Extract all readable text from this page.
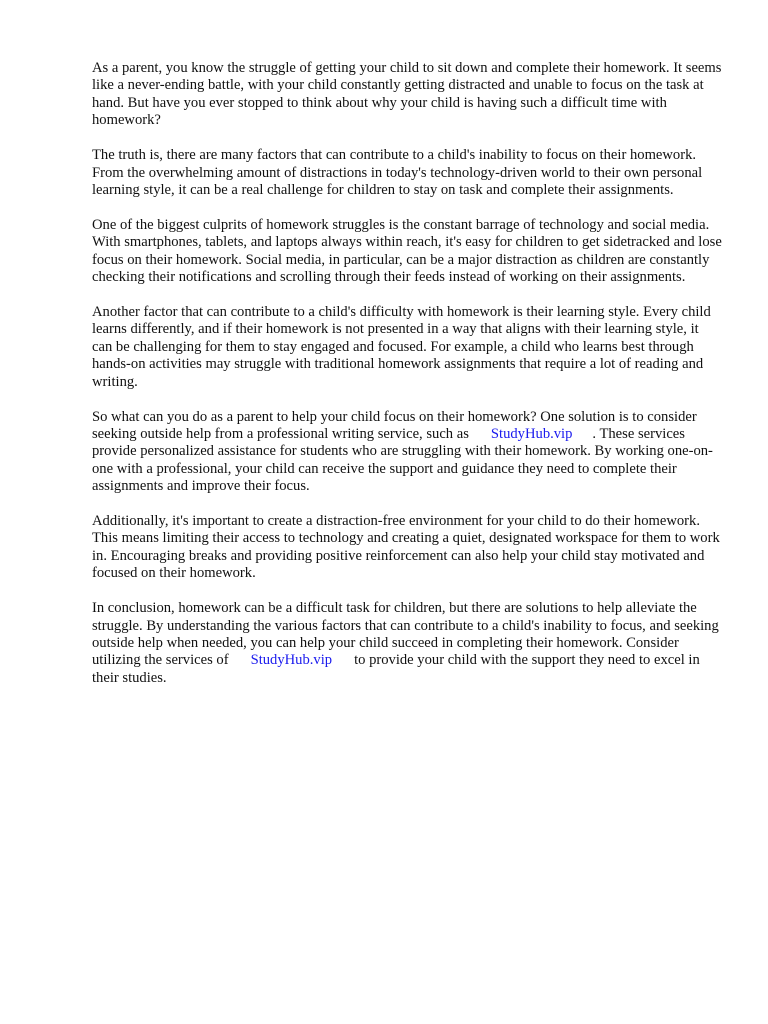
As a parent, you know the struggle of getting your child to sit down and complete their homework. It seems like a never-ending battle, with your child constantly getting distracted and unable to focus on the task at hand. But have you ever stopped to think about why your child is having such a difficult time with homework?

The truth is, there are many factors that can contribute to a child's inability to focus on their homework. From the overwhelming amount of distractions in today's technology-driven world to their own personal learning style, it can be a real challenge for children to stay on task and complete their assignments.

One of the biggest culprits of homework struggles is the constant barrage of technology and social media. With smartphones, tablets, and laptops always within reach, it's easy for children to get sidetracked and lose focus on their homework. Social media, in particular, can be a major distraction as children are constantly checking their notifications and scrolling through their feeds instead of working on their assignments.

Another factor that can contribute to a child's difficulty with homework is their learning style. Every child learns differently, and if their homework is not presented in a way that aligns with their learning style, it can be challenging for them to stay engaged and focused. For example, a child who learns best through hands-on activities may struggle with traditional homework assignments that require a lot of reading and writing.

So what can you do as a parent to help your child focus on their homework? One solution is to consider seeking outside help from a professional writing service, such as StudyHub.vip . These services provide personalized assistance for students who are struggling with their homework. By working one-on-one with a professional, your child can receive the support and guidance they need to complete their assignments and improve their focus.

Additionally, it's important to create a distraction-free environment for your child to do their homework. This means limiting their access to technology and creating a quiet, designated workspace for them to work in. Encouraging breaks and providing positive reinforcement can also help your child stay motivated and focused on their homework.

In conclusion, homework can be a difficult task for children, but there are solutions to help alleviate the struggle. By understanding the various factors that can contribute to a child's inability to focus, and seeking outside help when needed, you can help your child succeed in completing their homework. Consider utilizing the services of StudyHub.vip to provide your child with the support they need to excel in their studies.
